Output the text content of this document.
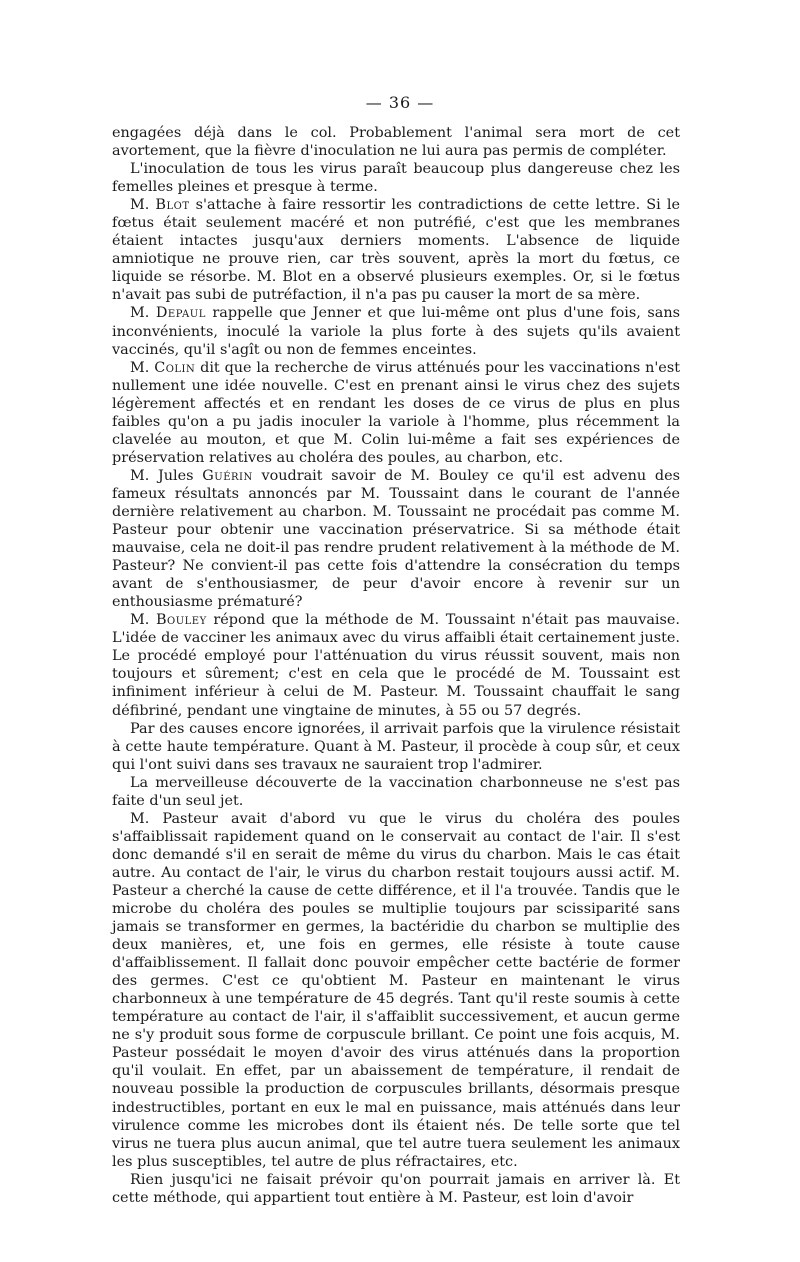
— 36 —

engagées déjà dans le col. Probablement l'animal sera mort de cet avortement, que la fièvre d'inoculation ne lui aura pas permis de compléter.

L'inoculation de tous les virus paraît beaucoup plus dangereuse chez les femelles pleines et presque à terme.

M. Blot s'attache à faire ressortir les contradictions de cette lettre. Si le fœtus était seulement macéré et non putréfié, c'est que les membranes étaient intactes jusqu'aux derniers moments. L'absence de liquide amniotique ne prouve rien, car très souvent, après la mort du fœtus, ce liquide se résorbe. M. Blot en a observé plusieurs exemples. Or, si le fœtus n'avait pas subi de putréfaction, il n'a pas pu causer la mort de sa mère.

M. Depaul rappelle que Jenner et que lui-même ont plus d'une fois, sans inconvénients, inoculé la variole la plus forte à des sujets qu'ils avaient vaccinés, qu'il s'agît ou non de femmes enceintes.

M. Colin dit que la recherche de virus atténués pour les vaccinations n'est nullement une idée nouvelle. C'est en prenant ainsi le virus chez des sujets légèrement affectés et en rendant les doses de ce virus de plus en plus faibles qu'on a pu jadis inoculer la variole à l'homme, plus récemment la clavelée au mouton, et que M. Colin lui-même a fait ses expériences de préservation relatives au choléra des poules, au charbon, etc.

M. Jules Guérin voudrait savoir de M. Bouley ce qu'il est advenu des fameux résultats annoncés par M. Toussaint dans le courant de l'année dernière relativement au charbon. M. Toussaint ne procédait pas comme M. Pasteur pour obtenir une vaccination préservatrice. Si sa méthode était mauvaise, cela ne doit-il pas rendre prudent relativement à la méthode de M. Pasteur? Ne convient-il pas cette fois d'attendre la consécration du temps avant de s'enthousiasmer, de peur d'avoir encore à revenir sur un enthousiasme prématuré?

M. Bouley répond que la méthode de M. Toussaint n'était pas mauvaise. L'idée de vacciner les animaux avec du virus affaibli était certainement juste. Le procédé employé pour l'atténuation du virus réussit souvent, mais non toujours et sûrement; c'est en cela que le procédé de M. Toussaint est infiniment inférieur à celui de M. Pasteur. M. Toussaint chauffait le sang défibriné, pendant une vingtaine de minutes, à 55 ou 57 degrés.

Par des causes encore ignorées, il arrivait parfois que la virulence résistait à cette haute température. Quant à M. Pasteur, il procède à coup sûr, et ceux qui l'ont suivi dans ses travaux ne sauraient trop l'admirer.

La merveilleuse découverte de la vaccination charbonneuse ne s'est pas faite d'un seul jet.

M. Pasteur avait d'abord vu que le virus du choléra des poules s'affaiblissait rapidement quand on le conservait au contact de l'air. Il s'est donc demandé s'il en serait de même du virus du charbon. Mais le cas était autre. Au contact de l'air, le virus du charbon restait toujours aussi actif. M. Pasteur a cherché la cause de cette différence, et il l'a trouvée. Tandis que le microbe du choléra des poules se multiplie toujours par scissiparité sans jamais se transformer en germes, la bactéridie du charbon se multiplie des deux manières, et, une fois en germes, elle résiste à toute cause d'affaiblissement. Il fallait donc pouvoir empêcher cette bactérie de former des germes. C'est ce qu'obtient M. Pasteur en maintenant le virus charbonneux à une température de 45 degrés. Tant qu'il reste soumis à cette température au contact de l'air, il s'affaiblit successivement, et aucun germe ne s'y produit sous forme de corpuscule brillant. Ce point une fois acquis, M. Pasteur possédait le moyen d'avoir des virus atténués dans la proportion qu'il voulait. En effet, par un abaissement de température, il rendait de nouveau possible la production de corpuscules brillants, désormais presque indestructibles, portant en eux le mal en puissance, mais atténués dans leur virulence comme les microbes dont ils étaient nés. De telle sorte que tel virus ne tuera plus aucun animal, que tel autre tuera seulement les animaux les plus susceptibles, tel autre de plus réfractaires, etc.

Rien jusqu'ici ne faisait prévoir qu'on pourrait jamais en arriver là. Et cette méthode, qui appartient tout entière à M. Pasteur, est loin d'avoir
